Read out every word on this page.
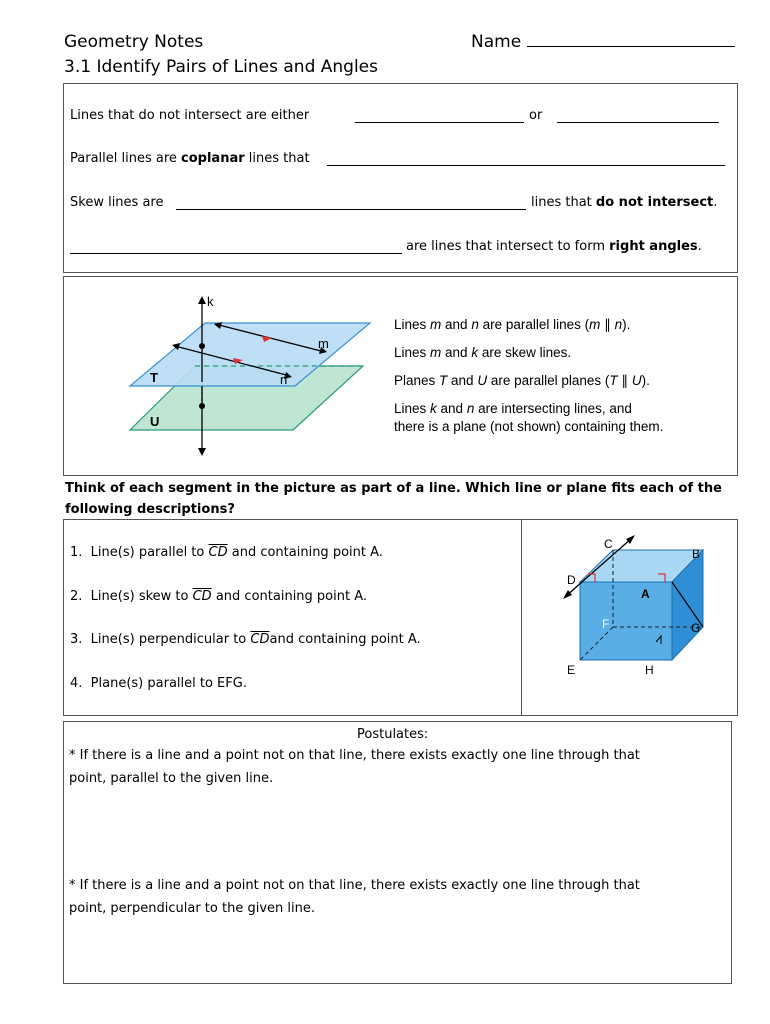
Geometry Notes
3.1 Identify Pairs of Lines and Angles
Name
Lines that do not intersect are either	or
Parallel lines are coplanar lines that
Skew lines are	lines that do not intersect.
are lines that intersect to form right angles.
k
m
n
T
U
Lines m and n are parallel lines (m ∥ n).
Lines m and k are skew lines.
Planes T and U are parallel planes (T ∥ U).
Lines k and n are intersecting lines, and
there is a plane (not shown) containing them.
Think of each segment in the picture as part of a line. Which line or plane fits each of the following descriptions?
1. Line(s) parallel to $\overline{CD}$ and containing point A.
2. Line(s) skew to $\overline{CD}$ and containing point A.
3. Line(s) perpendicular to $\overline{CD}and$ containing point A.
4. Plane(s) parallel to EFG.
C
B
D
A
F	G
E	H
Postulates:
* If there is a line and a point not on that line, there exists exactly one line through that
point, parallel to the given line.
* If there is a line and a point not on that line, there exists exactly one line through that
point, perpendicular to the given line.
